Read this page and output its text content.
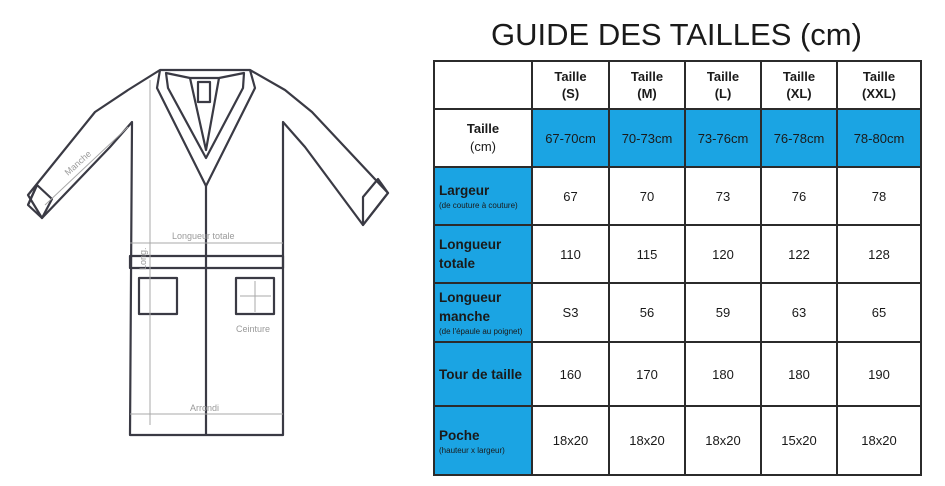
Manche
Longueur totale
Long.
Ceinture
Arrondi
GUIDE DES TAILLES (cm)
	Taille
(S)	Taille
(M)	Taille
(L)	Taille
(XL)	Taille
(XXL)

Taille
(cm)	67-70cm	70-73cm	73-76cm	76-78cm	78-80cm

Largeur
(de couture à couture)	67	70	73	76	78

Longueur totale	110	115	120	122	128

Longueur manche
(de l'épaule au poignet)	S3	56	59	63	65

Tour de taille	160	170	180	180	190

Poche
(hauteur x largeur)	18x20	18x20	18x20	15x20	18x20
